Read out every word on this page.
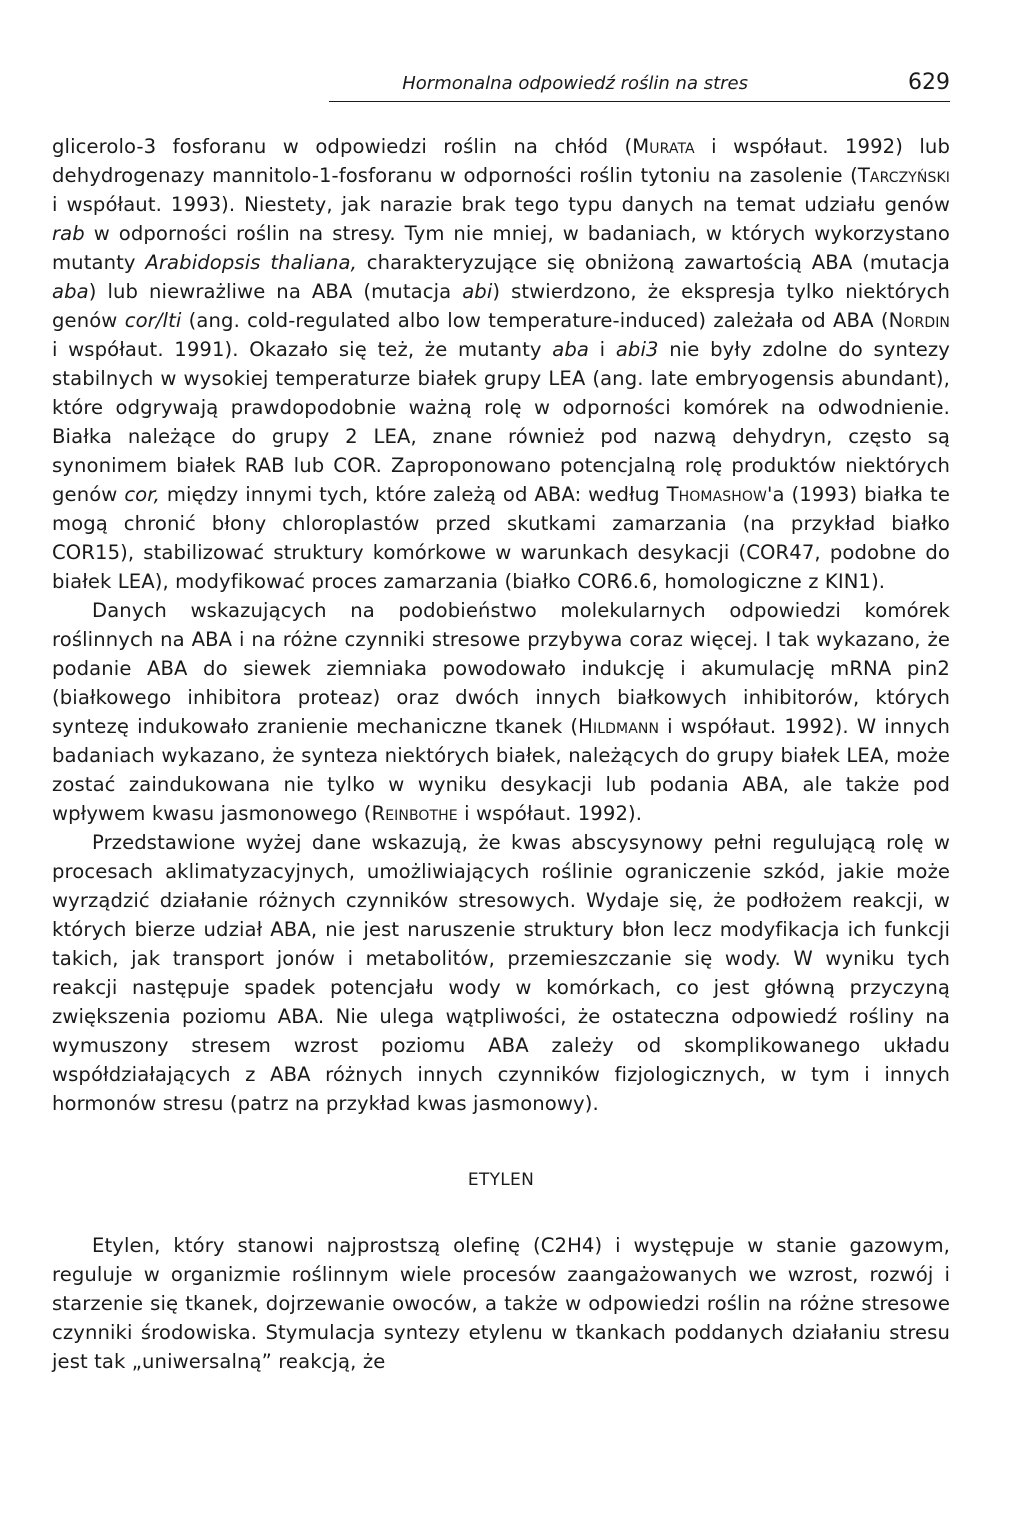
Hormonalna odpowiedź roślin na stres	629

glicerolo-3 fosforanu w odpowiedzi roślin na chłód (Murata i współaut. 1992) lub dehydrogenazy mannitolo-1-fosforanu w odporności roślin tytoniu na zasolenie (Tarczyński i współaut. 1993). Niestety, jak narazie brak tego typu danych na temat udziału genów rab w odporności roślin na stresy. Tym nie mniej, w badaniach, w których wykorzystano mutanty Arabidopsis thaliana, charakteryzujące się obniżoną zawartością ABA (mutacja aba) lub niewrażliwe na ABA (mutacja abi) stwierdzono, że ekspresja tylko niektórych genów cor/lti (ang. cold-regulated albo low temperature-induced) zależała od ABA (Nordin i współaut. 1991). Okazało się też, że mutanty aba i abi3 nie były zdolne do syntezy stabilnych w wysokiej temperaturze białek grupy LEA (ang. late embryogensis abundant), które odgrywają prawdopodobnie ważną rolę w odporności komórek na odwodnienie. Białka należące do grupy 2 LEA, znane również pod nazwą dehydryn, często są synonimem białek RAB lub COR. Zaproponowano potencjalną rolę produktów niektórych genów cor, między innymi tych, które zależą od ABA: według Thomashow'a (1993) białka te mogą chronić błony chloroplastów przed skutkami zamarzania (na przykład białko COR15), stabilizować struktury komórkowe w warunkach desykacji (COR47, podobne do białek LEA), modyfikować proces zamarzania (białko COR6.6, homologiczne z KIN1).

Danych wskazujących na podobieństwo molekularnych odpowiedzi komórek roślinnych na ABA i na różne czynniki stresowe przybywa coraz więcej. I tak wykazano, że podanie ABA do siewek ziemniaka powodowało indukcję i akumulację mRNA pin2 (białkowego inhibitora proteaz) oraz dwóch innych białkowych inhibitorów, których syntezę indukowało zranienie mechaniczne tkanek (Hildmann i współaut. 1992). W innych badaniach wykazano, że synteza niektórych białek, należących do grupy białek LEA, może zostać zaindukowana nie tylko w wyniku desykacji lub podania ABA, ale także pod wpływem kwasu jasmonowego (Reinbothe i współaut. 1992).

Przedstawione wyżej dane wskazują, że kwas abscysynowy pełni regulującą rolę w procesach aklimatyzacyjnych, umożliwiających roślinie ograniczenie szkód, jakie może wyrządzić działanie różnych czynników stresowych. Wydaje się, że podłożem reakcji, w których bierze udział ABA, nie jest naruszenie struktury błon lecz modyfikacja ich funkcji takich, jak transport jonów i metabolitów, przemieszczanie się wody. W wyniku tych reakcji następuje spadek potencjału wody w komórkach, co jest główną przyczyną zwiększenia poziomu ABA. Nie ulega wątpliwości, że ostateczna odpowiedź rośliny na wymuszony stresem wzrost poziomu ABA zależy od skomplikowanego układu współdziałających z ABA różnych innych czynników fizjologicznych, w tym i innych hormonów stresu (patrz na przykład kwas jasmonowy).

ETYLEN

Etylen, który stanowi najprostszą olefinę (C2H4) i występuje w stanie gazowym, reguluje w organizmie roślinnym wiele procesów zaangażowanych we wzrost, rozwój i starzenie się tkanek, dojrzewanie owoców, a także w odpowiedzi roślin na różne stresowe czynniki środowiska. Stymulacja syntezy etylenu w tkankach poddanych działaniu stresu jest tak „uniwersalną” reakcją, że
